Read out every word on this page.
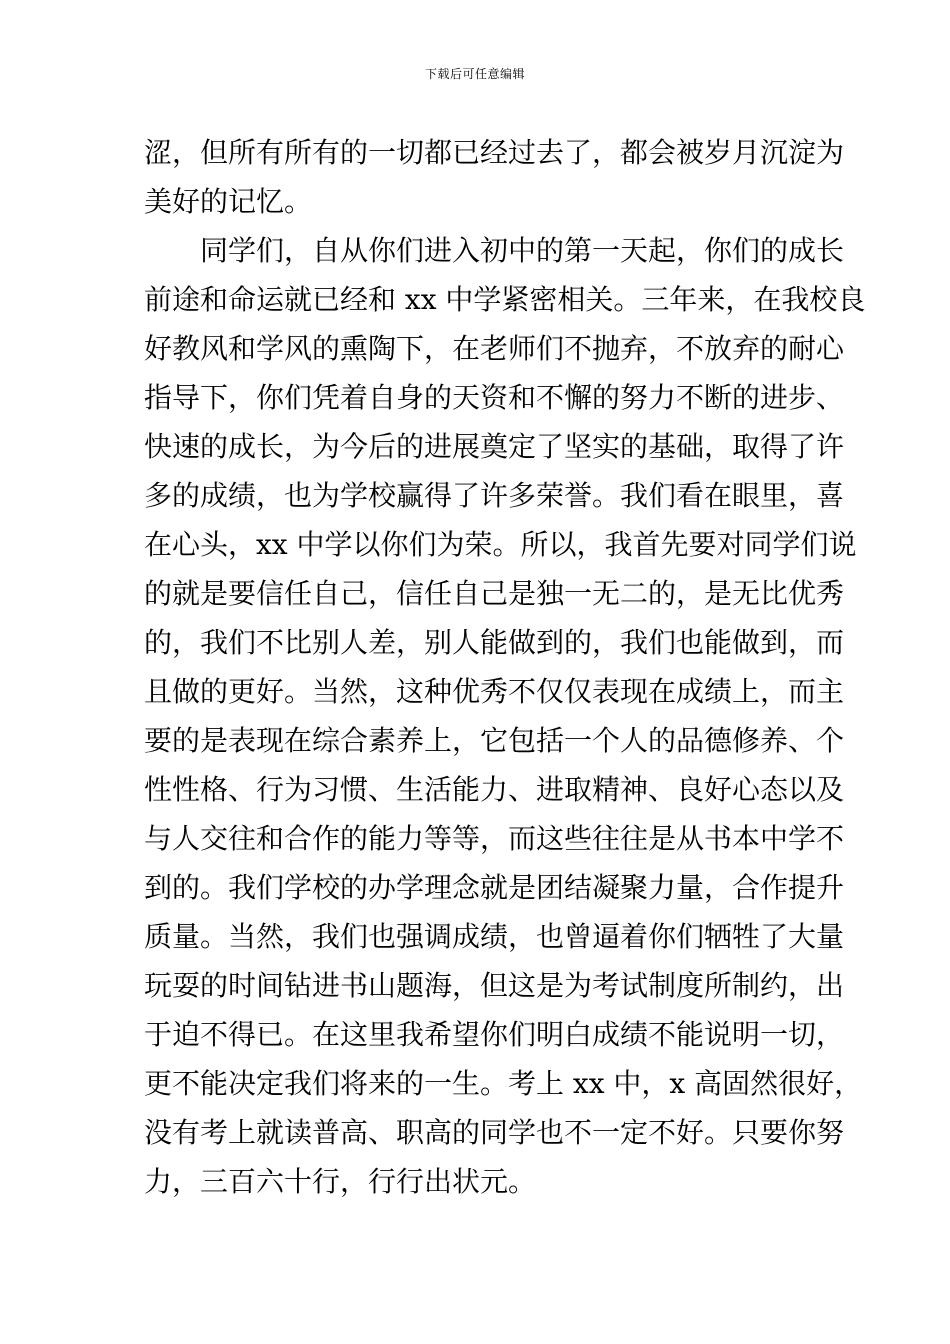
下载后可任意编辑
涩，但所有所有的一切都已经过去了，都会被岁月沉淀为
美好的记忆。
　　同学们，自从你们进入初中的第一天起，你们的成长
前途和命运就已经和 xx 中学紧密相关。三年来，在我校良
好教风和学风的熏陶下，在老师们不抛弃，不放弃的耐心
指导下，你们凭着自身的天资和不懈的努力不断的进步、
快速的成长，为今后的进展奠定了坚实的基础，取得了许
多的成绩，也为学校赢得了许多荣誉。我们看在眼里，喜
在心头，xx 中学以你们为荣。所以，我首先要对同学们说
的就是要信任自己，信任自己是独一无二的，是无比优秀
的，我们不比别人差，别人能做到的，我们也能做到，而
且做的更好。当然，这种优秀不仅仅表现在成绩上，而主
要的是表现在综合素养上，它包括一个人的品德修养、个
性性格、行为习惯、生活能力、进取精神、良好心态以及
与人交往和合作的能力等等，而这些往往是从书本中学不
到的。我们学校的办学理念就是团结凝聚力量，合作提升
质量。当然，我们也强调成绩，也曾逼着你们牺牲了大量
玩耍的时间钻进书山题海，但这是为考试制度所制约，出
于迫不得已。在这里我希望你们明白成绩不能说明一切，
更不能决定我们将来的一生。考上 xx 中，x 高固然很好，
没有考上就读普高、职高的同学也不一定不好。只要你努
力，三百六十行，行行出状元。
